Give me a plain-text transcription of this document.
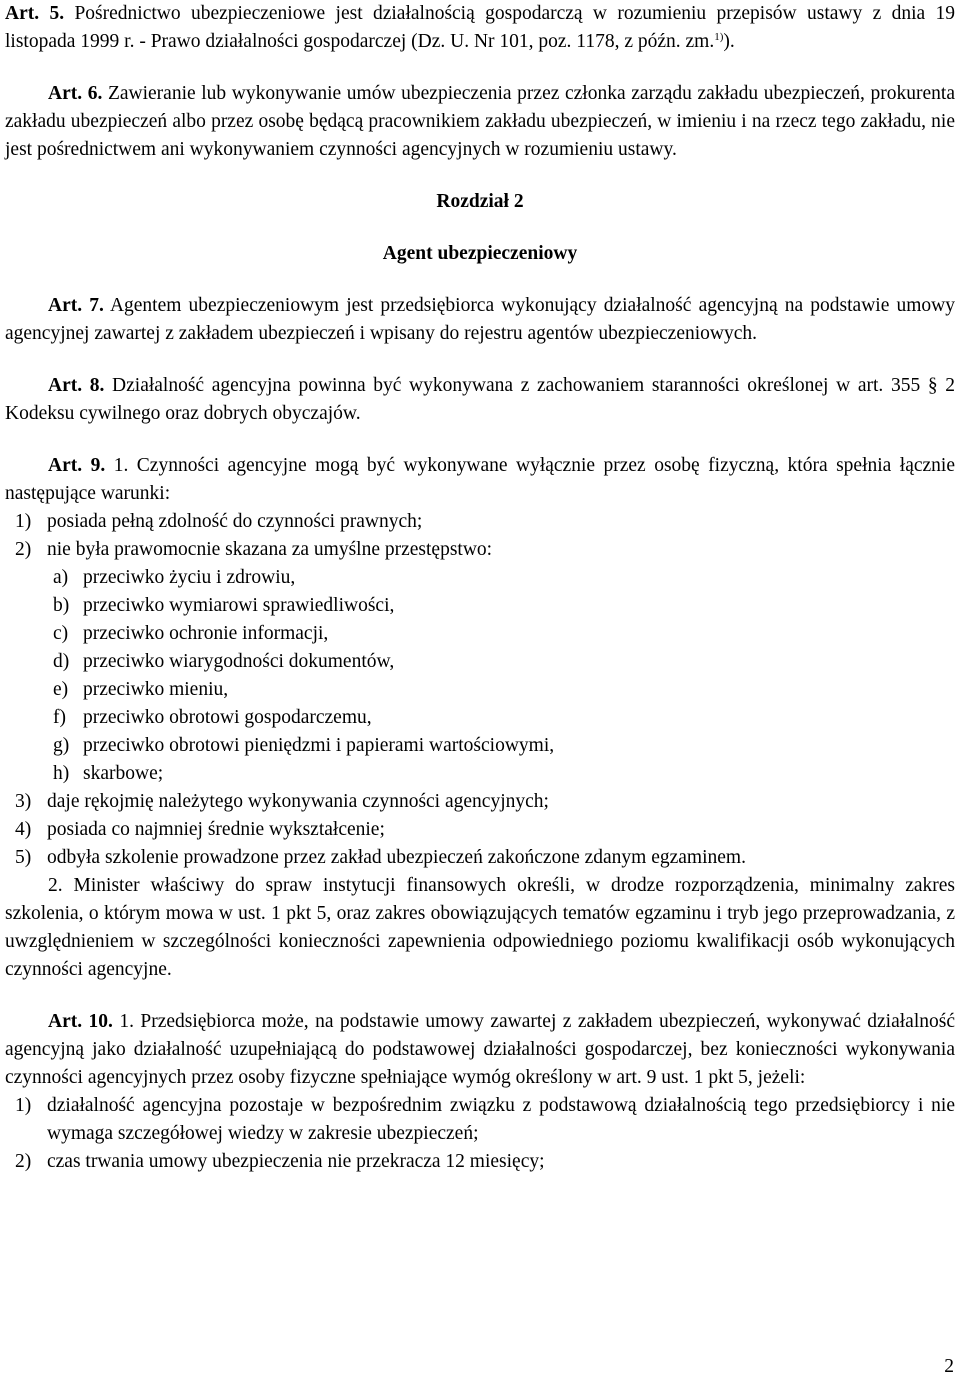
Art. 5. Pośrednictwo ubezpieczeniowe jest działalnością gospodarczą w rozumieniu przepisów ustawy z dnia 19 listopada 1999 r. - Prawo działalności gospodarczej (Dz. U. Nr 101, poz. 1178, z późn. zm.$^{1)}$).

Art. 6. Zawieranie lub wykonywanie umów ubezpieczenia przez członka zarządu zakładu ubezpieczeń, prokurenta zakładu ubezpieczeń albo przez osobę będącą pracownikiem zakładu ubezpieczeń, w imieniu i na rzecz tego zakładu, nie jest pośrednictwem ani wykonywaniem czynności agencyjnych w rozumieniu ustawy.

Rozdział 2

Agent ubezpieczeniowy

Art. 7. Agentem ubezpieczeniowym jest przedsiębiorca wykonujący działalność agencyjną na podstawie umowy agencyjnej zawartej z zakładem ubezpieczeń i wpisany do rejestru agentów ubezpieczeniowych.

Art. 8. Działalność agencyjna powinna być wykonywana z zachowaniem staranności określonej w art. 355 § 2 Kodeksu cywilnego oraz dobrych obyczajów.

Art. 9. 1. Czynności agencyjne mogą być wykonywane wyłącznie przez osobę fizyczną, która spełnia łącznie następujące warunki:

1) posiada pełną zdolność do czynności prawnych;

2) nie była prawomocnie skazana za umyślne przestępstwo:

a) przeciwko życiu i zdrowiu,

b) przeciwko wymiarowi sprawiedliwości,

c) przeciwko ochronie informacji,

d) przeciwko wiarygodności dokumentów,

e) przeciwko mieniu,

f) przeciwko obrotowi gospodarczemu,

g) przeciwko obrotowi pieniędzmi i papierami wartościowymi,

h) skarbowe;

3) daje rękojmię należytego wykonywania czynności agencyjnych;

4) posiada co najmniej średnie wykształcenie;

5) odbyła szkolenie prowadzone przez zakład ubezpieczeń zakończone zdanym egzaminem.

2. Minister właściwy do spraw instytucji finansowych określi, w drodze rozporządzenia, minimalny zakres szkolenia, o którym mowa w ust. 1 pkt 5, oraz zakres obowiązujących tematów egzaminu i tryb jego przeprowadzania, z uwzględnieniem w szczególności konieczności zapewnienia odpowiedniego poziomu kwalifikacji osób wykonujących czynności agencyjne.

Art. 10. 1. Przedsiębiorca może, na podstawie umowy zawartej z zakładem ubezpieczeń, wykonywać działalność agencyjną jako działalność uzupełniającą do podstawowej działalności gospodarczej, bez konieczności wykonywania czynności agencyjnych przez osoby fizyczne spełniające wymóg określony w art. 9 ust. 1 pkt 5, jeżeli:

1) działalność agencyjna pozostaje w bezpośrednim związku z podstawową działalnością tego przedsiębiorcy i nie wymaga szczegółowej wiedzy w zakresie ubezpieczeń;

2) czas trwania umowy ubezpieczenia nie przekracza 12 miesięcy;

2
